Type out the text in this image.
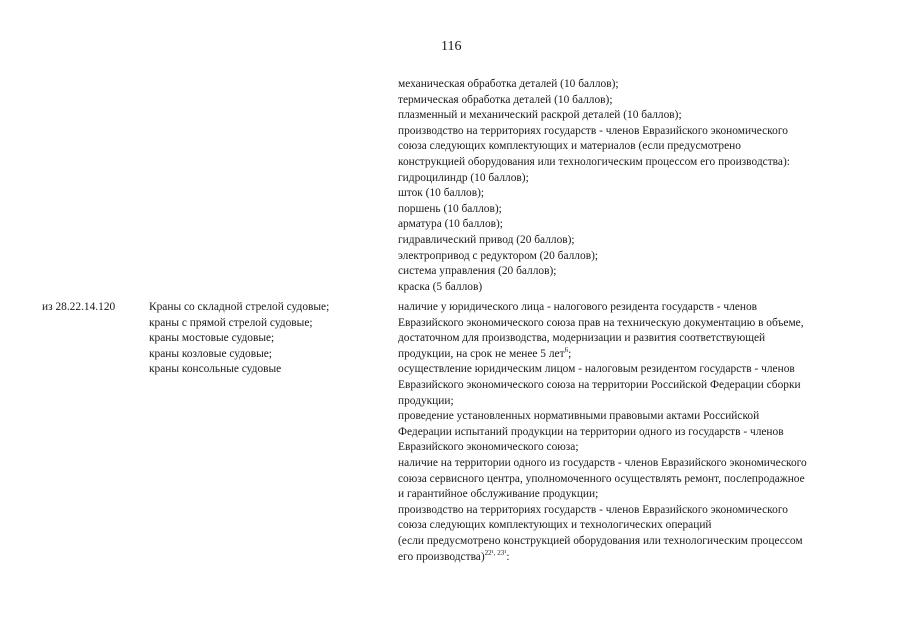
116
механическая обработка деталей (10 баллов);
термическая обработка деталей (10 баллов);
плазменный и механический раскрой деталей (10 баллов);
производство на территориях государств - членов Евразийского экономического
союза следующих комплектующих и материалов (если предусмотрено
конструкцией оборудования или технологическим процессом его производства):
гидроцилиндр (10 баллов);
шток (10 баллов);
поршень (10 баллов);
арматура (10 баллов);
гидравлический привод (20 баллов);
электропривод с редуктором (20 баллов);
система управления (20 баллов);
краска (5 баллов)
из 28.22.14.120	Краны со складной стрелой судовые;
краны с прямой стрелой судовые;
краны мостовые судовые;
краны козловые судовые;
краны консольные судовые
наличие у юридического лица - налогового резидента государств - членов
Евразийского экономического союза прав на техническую документацию в объеме,
достаточном для производства, модернизации и развития соответствующей
продукции, на срок не менее 5 лет$^6$;
осуществление юридическим лицом - налоговым резидентом государств - членов
Евразийского экономического союза на территории Российской Федерации сборки
продукции;
проведение установленных нормативными правовыми актами Российской
Федерации испытаний продукции на территории одного из государств - членов
Евразийского экономического союза;
наличие на территории одного из государств - членов Евразийского экономического
союза сервисного центра, уполномоченного осуществлять ремонт, послепродажное
и гарантийное обслуживание продукции;
производство на территориях государств - членов Евразийского экономического
союза следующих комплектующих и технологических операций
(если предусмотрено конструкцией оборудования или технологическим процессом
его производства)$^{22^1, 23^1}$:
